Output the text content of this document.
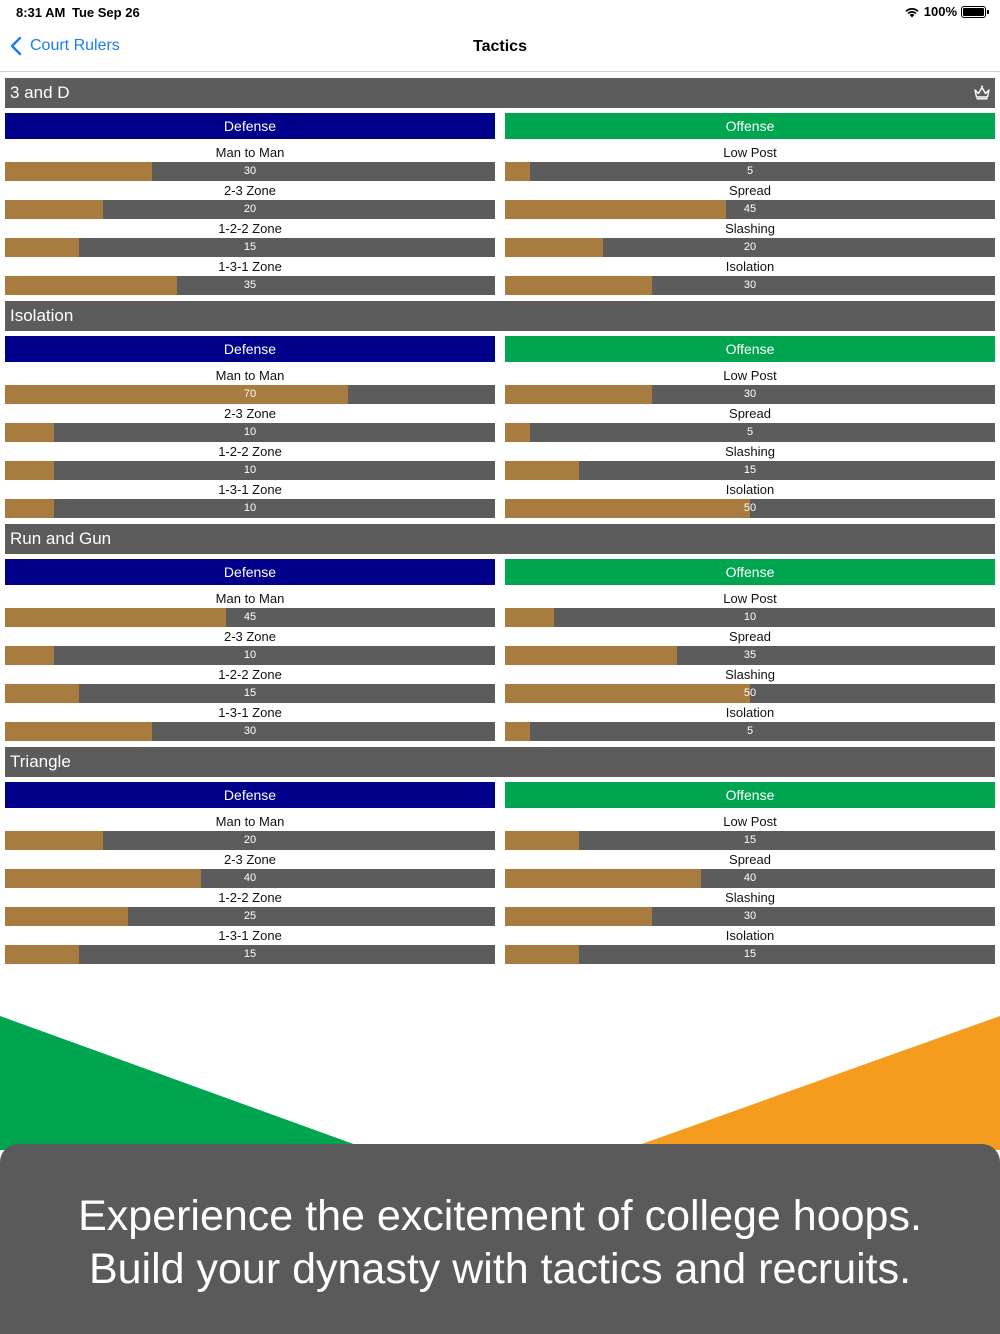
8:31 AM Tue Sep 26	100%
Court Rulers	Tactics
3 and D
Defense
Man to Man
30
2-3 Zone
20
1-2-2 Zone
15
1-3-1 Zone
35
Offense
Low Post
5
Spread
45
Slashing
20
Isolation
30
Isolation
Defense
Man to Man
70
2-3 Zone
10
1-2-2 Zone
10
1-3-1 Zone
10
Offense
Low Post
30
Spread
5
Slashing
15
Isolation
50
Run and Gun
Defense
Man to Man
45
2-3 Zone
10
1-2-2 Zone
15
1-3-1 Zone
30
Offense
Low Post
10
Spread
35
Slashing
50
Isolation
5
Triangle
Defense
Man to Man
20
2-3 Zone
40
1-2-2 Zone
25
1-3-1 Zone
15
Offense
Low Post
15
Spread
40
Slashing
30
Isolation
15
Experience the excitement of college hoops.
Build your dynasty with tactics and recruits.
